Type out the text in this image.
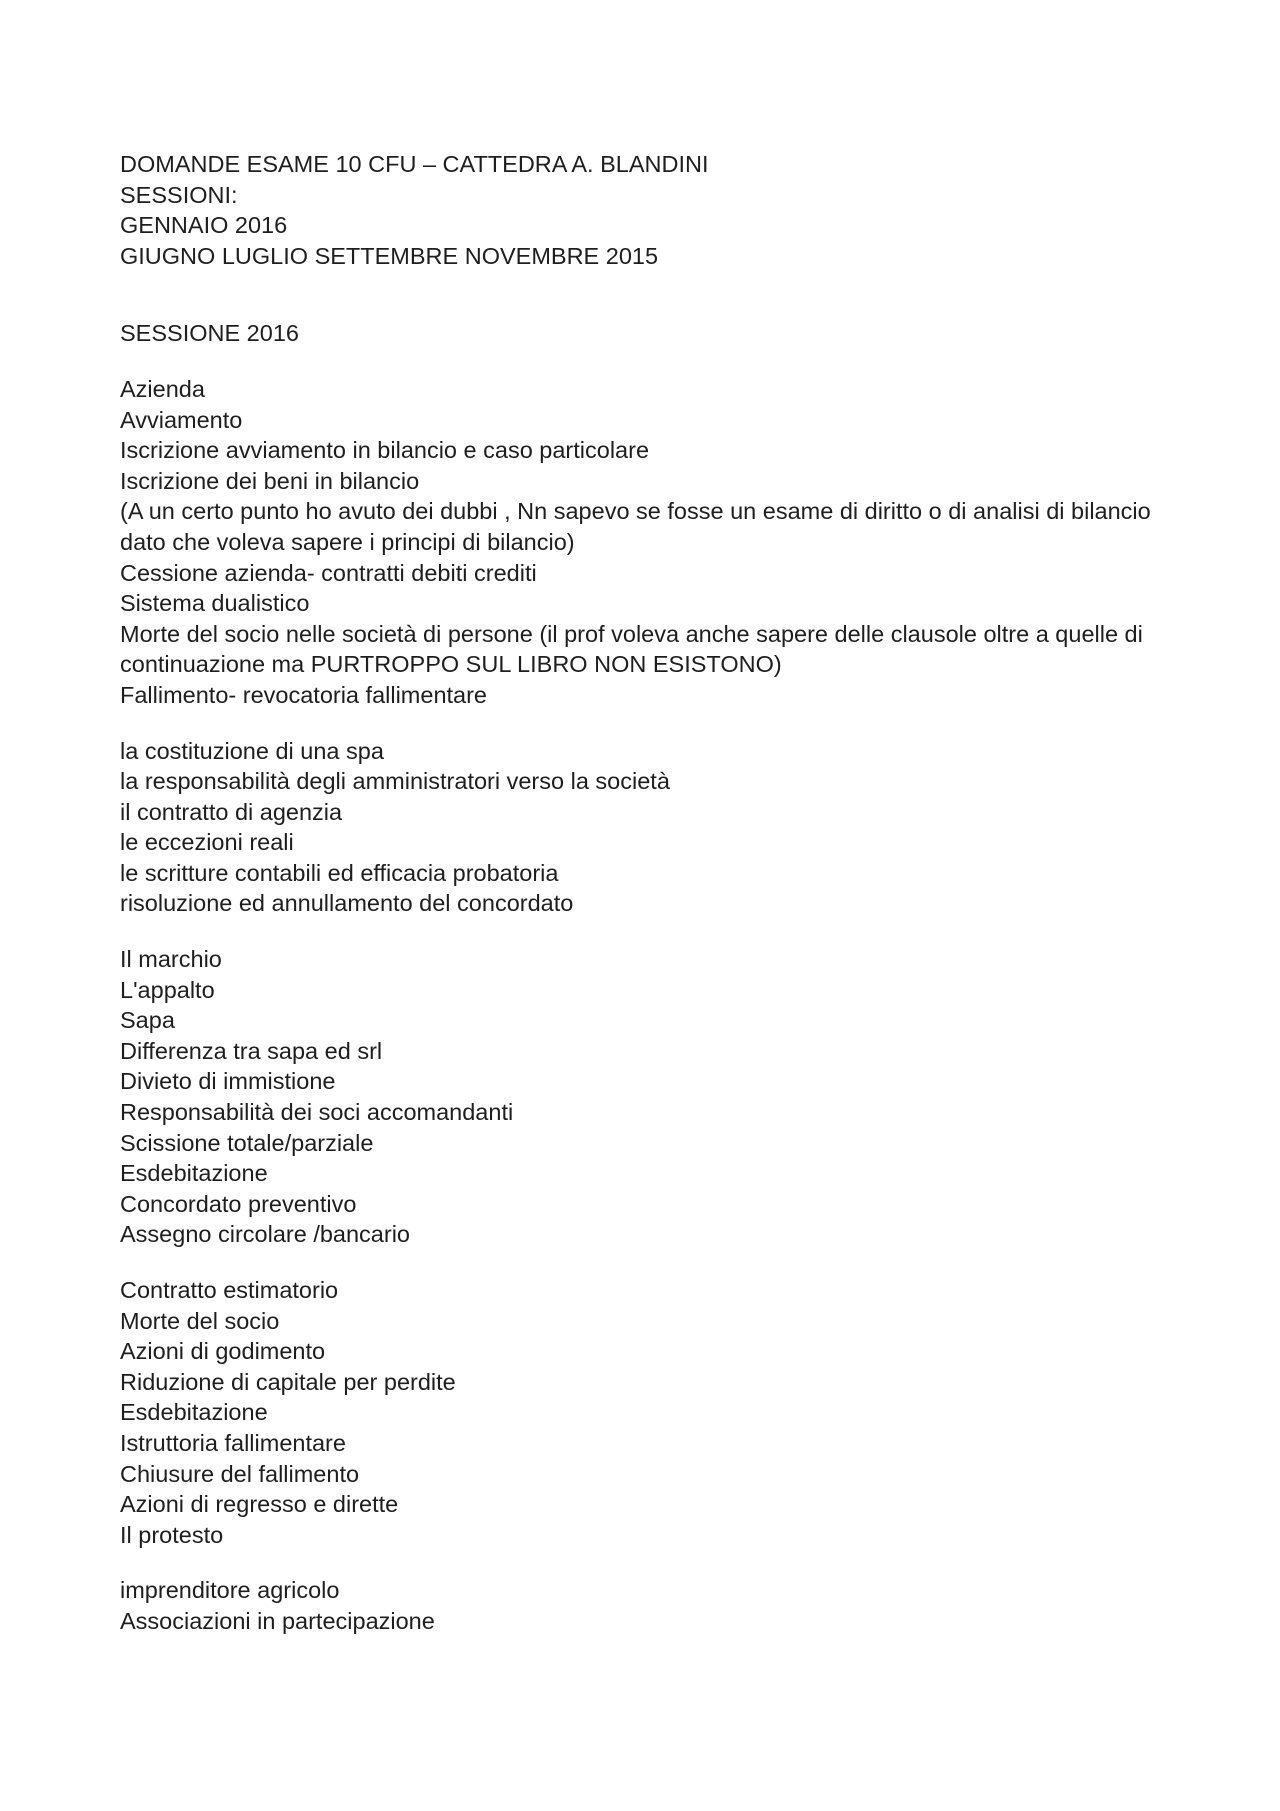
DOMANDE ESAME 10 CFU – CATTEDRA A. BLANDINI
SESSIONI:
GENNAIO 2016
GIUGNO LUGLIO SETTEMBRE NOVEMBRE 2015
SESSIONE 2016
Azienda
Avviamento
Iscrizione avviamento in bilancio e caso particolare
Iscrizione dei beni in bilancio
(A un certo punto ho avuto dei dubbi , Nn sapevo se fosse un esame di diritto o di analisi di bilancio dato che voleva sapere i principi di bilancio)
Cessione azienda- contratti debiti crediti
Sistema dualistico
Morte del socio nelle società di persone (il prof voleva anche sapere delle clausole oltre a quelle di continuazione ma PURTROPPO SUL LIBRO NON ESISTONO)
Fallimento- revocatoria fallimentare
la costituzione di una spa
la responsabilità degli amministratori verso la società
il contratto di agenzia
le eccezioni reali
le scritture contabili ed efficacia probatoria
risoluzione ed annullamento del concordato
Il marchio
L'appalto
Sapa
Differenza tra sapa ed srl
Divieto di immistione
Responsabilità dei soci accomandanti
Scissione totale/parziale
Esdebitazione
Concordato preventivo
Assegno circolare /bancario
Contratto estimatorio
Morte del socio
Azioni di godimento
Riduzione di capitale per perdite
Esdebitazione
Istruttoria fallimentare
Chiusure del fallimento
Azioni di regresso e dirette
Il protesto
imprenditore agricolo
Associazioni in partecipazione
